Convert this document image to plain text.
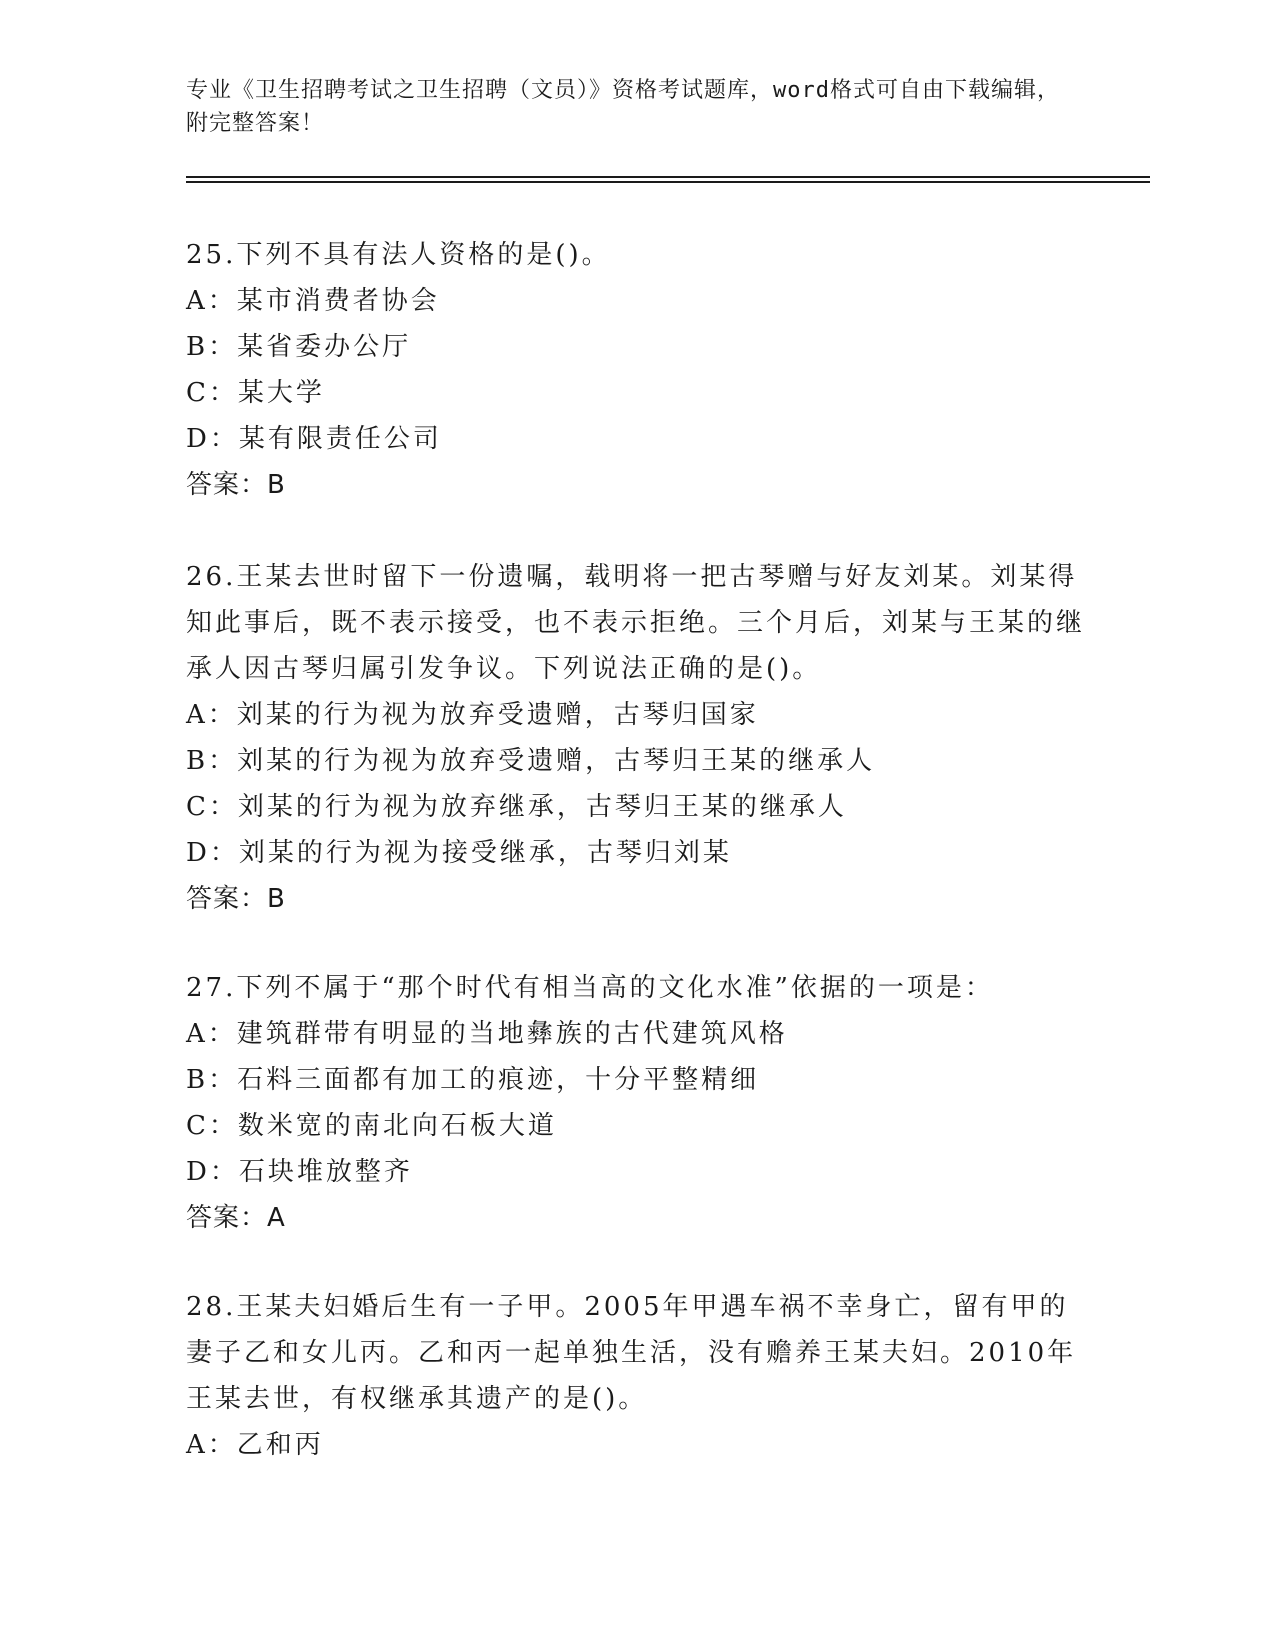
专业《卫生招聘考试之卫生招聘（文员）》资格考试题库，word格式可自由下载编辑，附完整答案！
25.下列不具有法人资格的是()。
A：某市消费者协会
B：某省委办公厅
C：某大学
D：某有限责任公司
答案：B
26.王某去世时留下一份遗嘱，载明将一把古琴赠与好友刘某。刘某得知此事后，既不表示接受，也不表示拒绝。三个月后，刘某与王某的继承人因古琴归属引发争议。下列说法正确的是()。
A：刘某的行为视为放弃受遗赠，古琴归国家
B：刘某的行为视为放弃受遗赠，古琴归王某的继承人
C：刘某的行为视为放弃继承，古琴归王某的继承人
D：刘某的行为视为接受继承，古琴归刘某
答案：B
27.下列不属于“那个时代有相当高的文化水准”依据的一项是：
A：建筑群带有明显的当地彝族的古代建筑风格
B：石料三面都有加工的痕迹，十分平整精细
C：数米宽的南北向石板大道
D：石块堆放整齐
答案：A
28.王某夫妇婚后生有一子甲。2005年甲遇车祸不幸身亡，留有甲的妻子乙和女儿丙。乙和丙一起单独生活，没有赡养王某夫妇。2010年王某去世，有权继承其遗产的是()。
A：乙和丙
